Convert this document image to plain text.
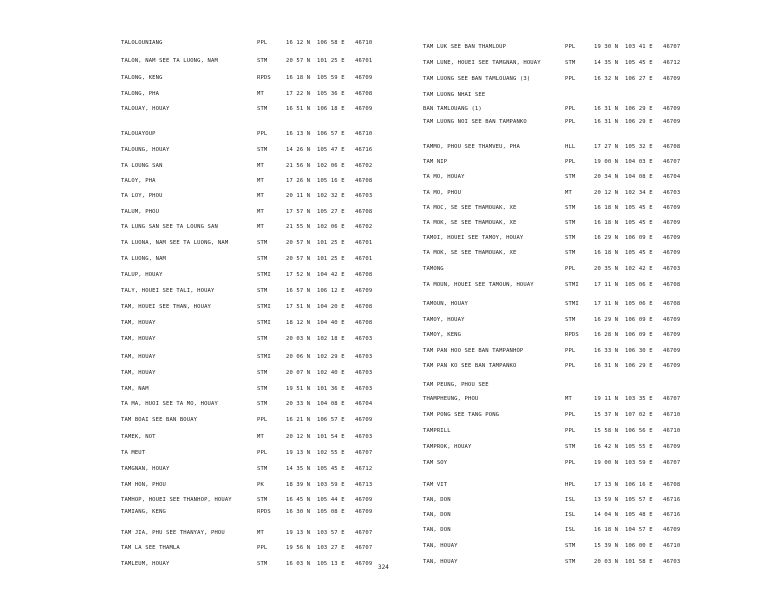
TALOLOUNIANG	PPL	16 12 N 106 58 E 46710
TALON, NAM SEE TA LUONG, NAM	STM	20 57 N 101 25 E 46701
TALONG, KENG	RPDS	16 18 N 105 59 E 46709
TALONG, PHA	MT	17 22 N 105 36 E 46708
TALOUAY, HOUAY	STM	16 51 N 106 18 E 46709
TALOUAYOUP	PPL	16 13 N 106 57 E 46710
TALOUNG, HOUAY	STM	14 26 N 105 47 E 46716
TA LOUNG SAN	MT	21 56 N 102 06 E 46702
TALOY, PHA	MT	17 26 N 105 16 E 46708
TA LOY, PHOU	MT	20 11 N 102 32 E 46703
TALUM, PHOU	MT	17 57 N 105 27 E 46708
TA LUNG SAN SEE TA LOUNG SAN	MT	21 55 N 102 06 E 46702
TA LUONA, NAM SEE TA LUONG, NAM	STM	20 57 N 101 25 E 46701
TA LUONG, NAM	STM	20 57 N 101 25 E 46701
TALUP, HOUAY	STMI	17 52 N 104 42 E 46708
TALY, HOUEI SEE TALI, HOUAY	STM	16 57 N 106 12 E 46709
TAM, HOUEI SEE THAN, HOUAY	STMI	17 51 N 104 20 E 46708
TAM, HOUAY	STMI	18 12 N 104 40 E 46708
TAM, HOUAY	STM	20 03 N 102 18 E 46703
TAM, HOUAY	STMI	20 06 N 102 29 E 46703
TAM, HOUAY	STM	20 07 N 102 40 E 46703
TAM, NAM	STM	19 51 N 101 36 E 46703
TA MA, HUOI SEE TA MO, HOUAY	STM	20 33 N 104 08 E 46704
TAM BOAI SEE BAN BOUAY	PPL	16 21 N 106 57 E 46709
TAMEK, NOT	MT	20 12 N 101 54 E 46703
TA MEUT	PPL	19 13 N 102 55 E 46707
TAMGNAN, HOUAY	STM	14 35 N 105 45 E 46712
TAM HON, PHOU	PK	18 39 N 103 59 E 46713
TAMHOP, HOUEI SEE THANHOP, HOUAY	STM	16 45 N 105 44 E 46709
TAMIANG, KENG	RPDS	16 30 N 105 08 E 46709
TAM JIA, PHU SEE THANYAY, PHOU	MT	19 13 N 103 57 E 46707
TAM LA SEE THAMLA	PPL	19 56 N 103 27 E 46707
TAMLEUM, HOUAY	STM	16 03 N 105 13 E 46709
TAM LUK SEE BAN THAMLOUP	PPL	19 30 N 103 41 E 46707
TAM LUNE, HOUEI SEE TAMGNAN, HOUAY	STM	14 35 N 105 45 E 46712
TAM LUONG SEE BAN TAMLOUANG (3)	PPL	16 32 N 106 27 E 46709
TAM LUONG NHAI SEE
BAN TAMLOUANG (1)	PPL	16 31 N 106 29 E 46709
TAM LUONG NOI SEE BAN TAMPANKO	PPL	16 31 N 106 29 E 46709
TAMMO, PHOU SEE THAMVEU, PHA	HLL	17 27 N 105 32 E 46708
TAM NIP	PPL	19 00 N 104 03 E 46707
TA MO, HOUAY	STM	20 34 N 104 08 E 46704
TA MO, PHOU	MT	20 12 N 102 34 E 46703
TA MOC, SE SEE THAMOUAK, XE	STM	16 18 N 105 45 E 46709
TA MOK, SE SEE THAMOUAK, XE	STM	16 18 N 105 45 E 46709
TAMOI, HOUEI SEE TAMOY, HOUAY	STM	16 29 N 106 09 E 46709
TA MOK, SE SEE THAMOUAK, XE	STM	16 18 N 105 45 E 46709
TAMONG	PPL	20 35 N 102 42 E 46703
TA MOUN, HOUEI SEE TAMOUN, HOUAY	STMI	17 11 N 105 06 E 46708
TAMOUN, HOUAY	STMI	17 11 N 105 06 E 46708
TAMOY, HOUAY	STM	16 29 N 106 09 E 46709
TAMOY, KENG	RPDS	16 28 N 106 09 E 46709
TAM PAN HOO SEE BAN TAMPANHOP	PPL	16 33 N 106 30 E 46709
TAM PAN KO SEE BAN TAMPANKO	PPL	16 31 N 106 29 E 46709
TAM PEUNG, PHOU SEE
THAMPHEUNG, PHOU	MT	19 11 N 103 35 E 46707
TAM PONG SEE TANG PONG	PPL	15 37 N 107 02 E 46710
TAMPRILL	PPL	15 58 N 106 56 E 46710
TAMPROK, HOUAY	STM	16 42 N 105 55 E 46709
TAM SOY	PPL	19 00 N 103 59 E 46707
TAM VIT	HPL	17 13 N 106 16 E 46708
TAN, DON	ISL	13 59 N 105 57 E 46716
TAN, DON	ISL	14 04 N 105 48 E 46716
TAN, DON	ISL	16 18 N 104 57 E 46709
TAN, HOUAY	STM	15 39 N 106 00 E 46710
TAN, HOUAY	STM	20 03 N 101 58 E 46703
324
